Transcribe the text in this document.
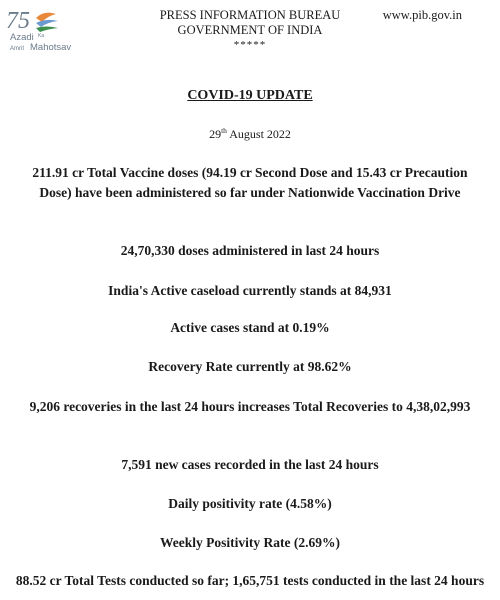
75
Azadi Ka
Amrit Mahotsav
PRESS INFORMATION BUREAU
GOVERNMENT OF INDIA
*****
www.pib.gov.in
COVID-19 UPDATE
29th August 2022
211.91 cr Total Vaccine doses (94.19 cr Second Dose and 15.43 cr Precaution Dose) have been administered so far under Nationwide Vaccination Drive
24,70,330 doses administered in last 24 hours
India's Active caseload currently stands at 84,931
Active cases stand at 0.19%
Recovery Rate currently at 98.62%
9,206 recoveries in the last 24 hours increases Total Recoveries to 4,38,02,993
7,591 new cases recorded in the last 24 hours
Daily positivity rate (4.58%)
Weekly Positivity Rate (2.69%)
88.52 cr Total Tests conducted so far; 1,65,751 tests conducted in the last 24 hours
